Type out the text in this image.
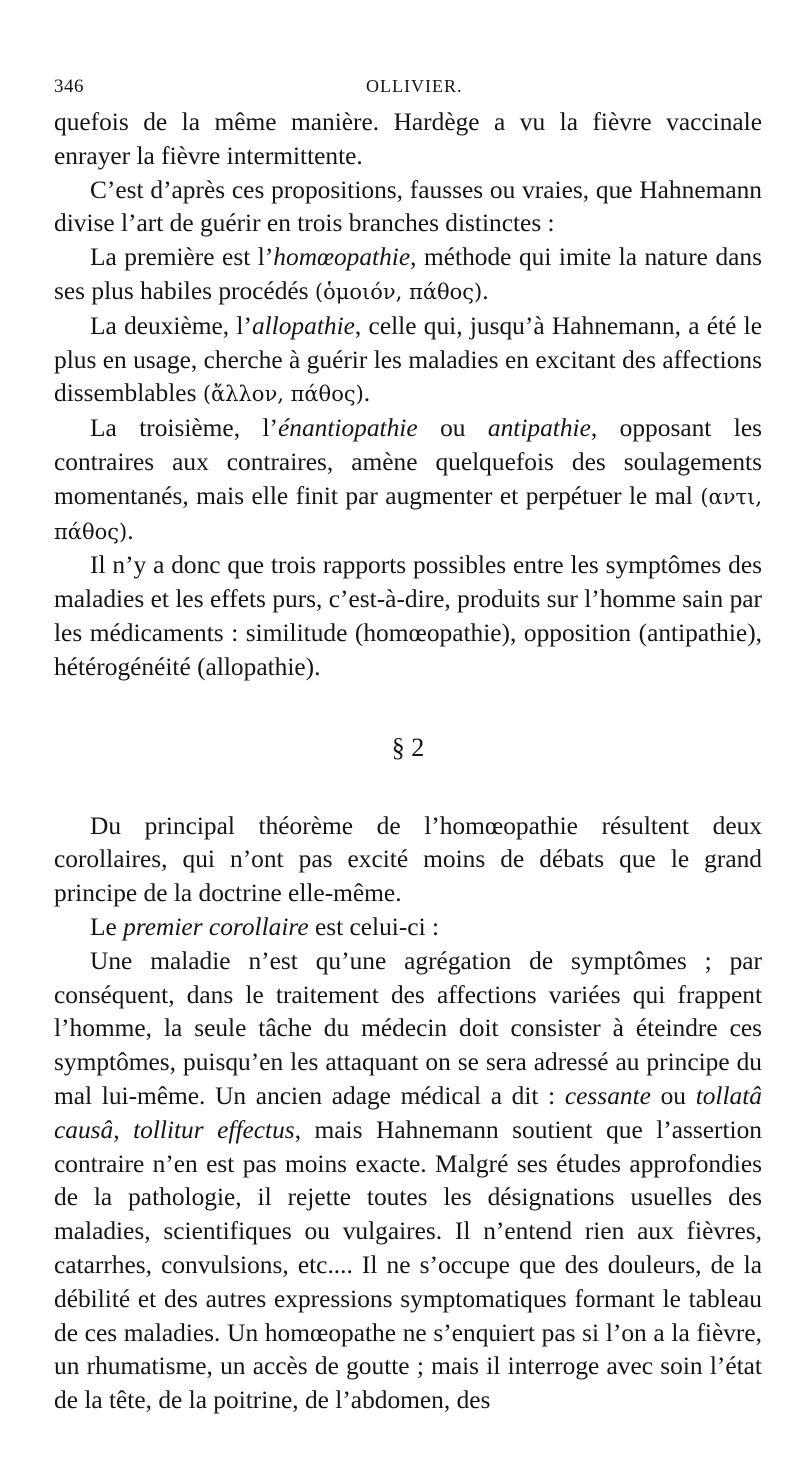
346	OLLIVIER.

quefois de la même manière. Hardège a vu la fièvre vaccinale enrayer la fièvre intermittente.

C’est d’après ces propositions, fausses ou vraies, que Hahnemann divise l’art de guérir en trois branches distinctes :

La première est l’homœopathie, méthode qui imite la nature dans ses plus habiles procédés (ὁμοιόν, πάθος).

La deuxième, l’allopathie, celle qui, jusqu’à Hahnemann, a été le plus en usage, cherche à guérir les maladies en excitant des affections dissemblables (ἄλλον, πάθος).

La troisième, l’énantiopathie ou antipathie, opposant les contraires aux contraires, amène quelquefois des soulagements momentanés, mais elle finit par augmenter et perpétuer le mal (αντι, πάθος).

Il n’y a donc que trois rapports possibles entre les symptômes des maladies et les effets purs, c’est-à-dire, produits sur l’homme sain par les médicaments : similitude (homœopathie), opposition (antipathie), hétérogénéité (allopathie).

§ 2

Du principal théorème de l’homœopathie résultent deux corollaires, qui n’ont pas excité moins de débats que le grand principe de la doctrine elle-même.

Le premier corollaire est celui-ci :

Une maladie n’est qu’une agrégation de symptômes ; par conséquent, dans le traitement des affections variées qui frappent l’homme, la seule tâche du médecin doit consister à éteindre ces symptômes, puisqu’en les attaquant on se sera adressé au principe du mal lui-même. Un ancien adage médical a dit : cessante ou tollatâ causâ, tollitur effectus, mais Hahnemann soutient que l’assertion contraire n’en est pas moins exacte. Malgré ses études approfondies de la pathologie, il rejette toutes les désignations usuelles des maladies, scientifiques ou vulgaires. Il n’entend rien aux fièvres, catarrhes, convulsions, etc.... Il ne s’occupe que des douleurs, de la débilité et des autres expressions symptomatiques formant le tableau de ces maladies. Un homœopathe ne s’enquiert pas si l’on a la fièvre, un rhumatisme, un accès de goutte ; mais il interroge avec soin l’état de la tête, de la poitrine, de l’abdomen, des
